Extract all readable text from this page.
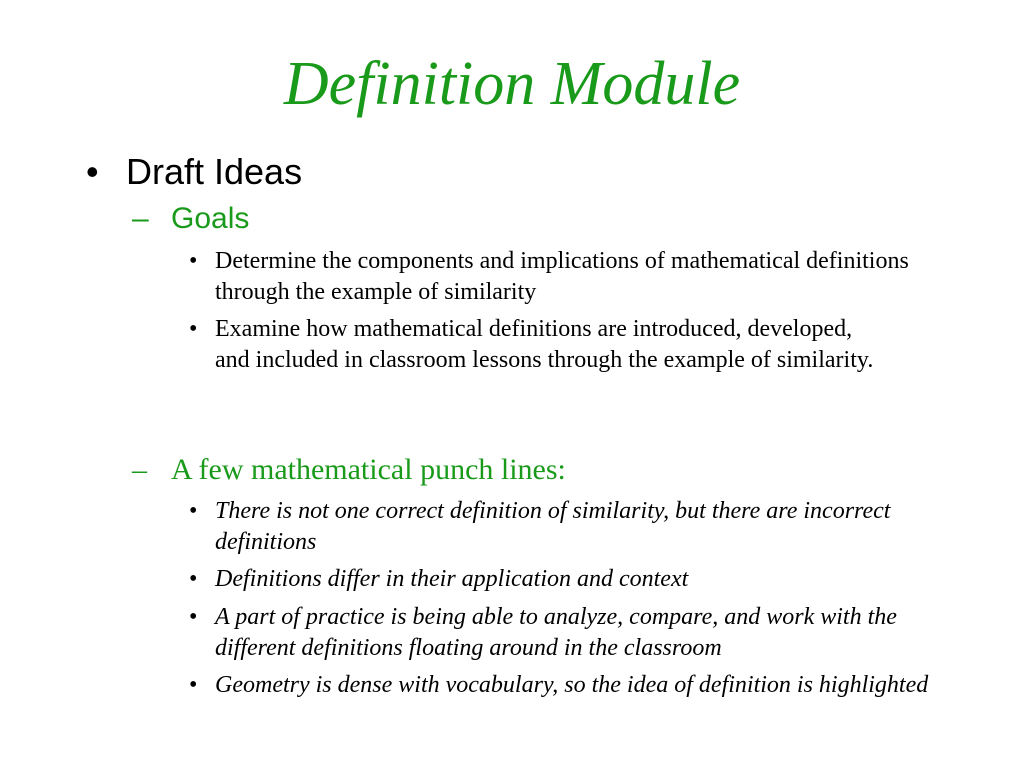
Definition Module
• Draft Ideas
– Goals
• Determine the components and implications of mathematical definitions through the example of similarity
• Examine how mathematical definitions are introduced, developed, and included in classroom lessons through the example of similarity.
– A few mathematical punch lines:
• There is not one correct definition of similarity, but there are incorrect definitions
• Definitions differ in their application and context
• A part of practice is being able to analyze, compare, and work with the different definitions floating around in the classroom
• Geometry is dense with vocabulary, so the idea of definition is highlighted
